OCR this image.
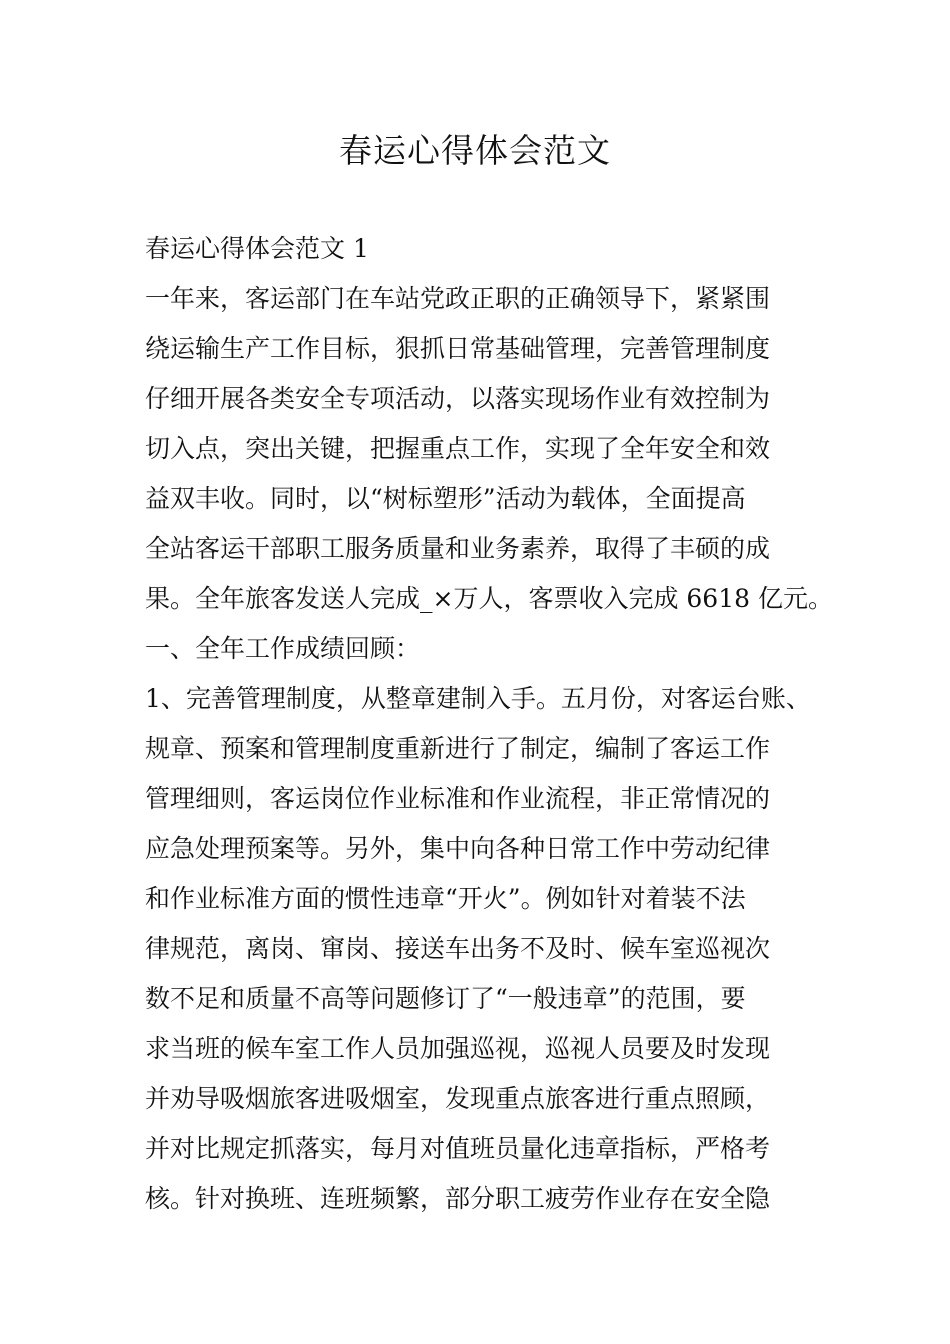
春运心得体会范文
春运心得体会范文 1
一年来，客运部门在车站党政正职的正确领导下，紧紧围
绕运输生产工作目标，狠抓日常基础管理，完善管理制度
仔细开展各类安全专项活动，以落实现场作业有效控制为
切入点，突出关键，把握重点工作，实现了全年安全和效
益双丰收。同时，以“树标塑形”活动为载体，全面提高
全站客运干部职工服务质量和业务素养，取得了丰硕的成
果。全年旅客发送人完成_×万人，客票收入完成 6618 亿元。
一、全年工作成绩回顾：
1、完善管理制度，从整章建制入手。五月份，对客运台账、
规章、预案和管理制度重新进行了制定，编制了客运工作
管理细则，客运岗位作业标准和作业流程，非正常情况的
应急处理预案等。另外，集中向各种日常工作中劳动纪律
和作业标准方面的惯性违章“开火”。例如针对着装不法
律规范，离岗、窜岗、接送车出务不及时、候车室巡视次
数不足和质量不高等问题修订了“一般违章”的范围，要
求当班的候车室工作人员加强巡视，巡视人员要及时发现
并劝导吸烟旅客进吸烟室，发现重点旅客进行重点照顾，
并对比规定抓落实，每月对值班员量化违章指标，严格考
核。针对换班、连班频繁，部分职工疲劳作业存在安全隐
